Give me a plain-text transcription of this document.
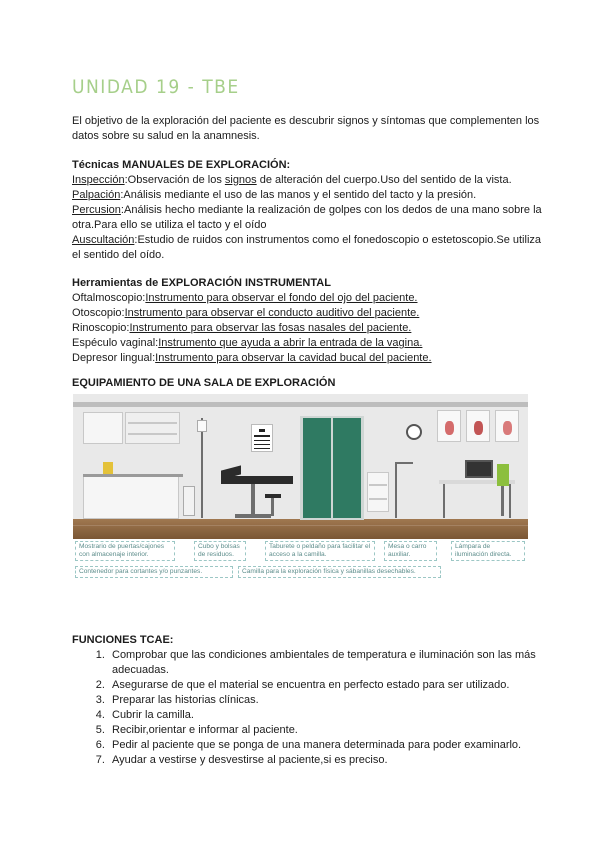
UNIDAD 19 - TBE

El objetivo de la exploración del paciente es descubrir signos y síntomas que complementen los datos sobre su salud en la anamnesis.

Técnicas MANUALES DE EXPLORACIÓN:
Inspección:Observación de los signos de alteración del cuerpo.Uso del sentido de la vista.
Palpación:Análisis mediante el uso de las manos y el sentido del tacto y la presión.
Percusion:Análisis hecho mediante la realización de golpes con los dedos de una mano sobre la otra.Para ello se utiliza el tacto y el oído
Auscultación:Estudio de ruidos con instrumentos como el fonedoscopio o estetoscopio.Se utiliza el sentido del oído.
Herramientas de EXPLORACIÓN INSTRUMENTAL
Oftalmoscopio:Instrumento para observar el fondo del ojo del paciente.
Otoscopio:Instrumento para observar el conducto auditivo del paciente.
Rinoscopio:Instrumento para observar las fosas nasales del paciente.
Espéculo vaginal:Instrumento que ayuda a abrir la entrada de la vagina.
Depresor lingual:Instrumento para observar la cavidad bucal del paciente.
EQUIPAMIENTO DE UNA SALA DE EXPLORACIÓN
Mostrario de puertas/cajones con almacenaje interior.
Cubo y bolsas de residuos.
Taburete o peldaño para facilitar el acceso a la camilla.
Mesa o carro auxiliar.
Lámpara de iluminación directa.
Contenedor para cortantes y/o punzantes.	Camilla para la exploración física y sábanillas desechables.
FUNCIONES TCAE:
1. Comprobar que las condiciones ambientales de temperatura e iluminación son las más adecuadas.
2. Asegurarse de que el material se encuentra en perfecto estado para ser utilizado.
3. Preparar las historias clínicas.
4. Cubrir la camilla.
5. Recibir,orientar e informar al paciente.
6. Pedir al paciente que se ponga de una manera determinada para poder examinarlo.
7. Ayudar a vestirse y desvestirse al paciente,si es preciso.
